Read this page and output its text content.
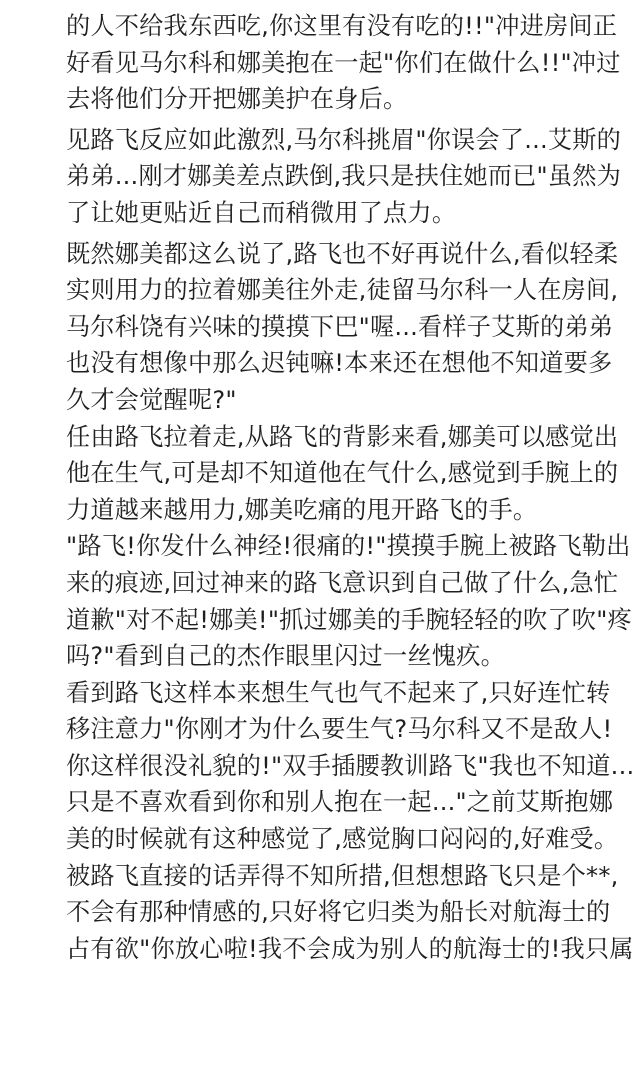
的人不给我东西吃,你这里有没有吃的!!"冲进房间正
好看见马尔科和娜美抱在一起"你们在做什么!!"冲过
去将他们分开把娜美护在身后。
见路飞反应如此激烈,马尔科挑眉"你误会了...艾斯的
弟弟...刚才娜美差点跌倒,我只是扶住她而已"虽然为
了让她更贴近自己而稍微用了点力。
既然娜美都这么说了,路飞也不好再说什么,看似轻柔
实则用力的拉着娜美往外走,徒留马尔科一人在房间,
马尔科饶有兴味的摸摸下巴"喔...看样子艾斯的弟弟
也没有想像中那么迟钝嘛!本来还在想他不知道要多
久才会觉醒呢?"
任由路飞拉着走,从路飞的背影来看,娜美可以感觉出
他在生气,可是却不知道他在气什么,感觉到手腕上的
力道越来越用力,娜美吃痛的甩开路飞的手。
"路飞!你发什么神经!很痛的!"摸摸手腕上被路飞勒出
来的痕迹,回过神来的路飞意识到自己做了什么,急忙
道歉"对不起!娜美!"抓过娜美的手腕轻轻的吹了吹"疼
吗?"看到自己的杰作眼里闪过一丝愧疚。
看到路飞这样本来想生气也气不起来了,只好连忙转
移注意力"你刚才为什么要生气?马尔科又不是敌人!
你这样很没礼貌的!"双手插腰教训路飞"我也不知道...
只是不喜欢看到你和别人抱在一起..."之前艾斯抱娜
美的时候就有这种感觉了,感觉胸口闷闷的,好难受。
被路飞直接的话弄得不知所措,但想想路飞只是个**,
不会有那种情感的,只好将它归类为船长对航海士的
占有欲"你放心啦!我不会成为别人的航海士的!我只属
